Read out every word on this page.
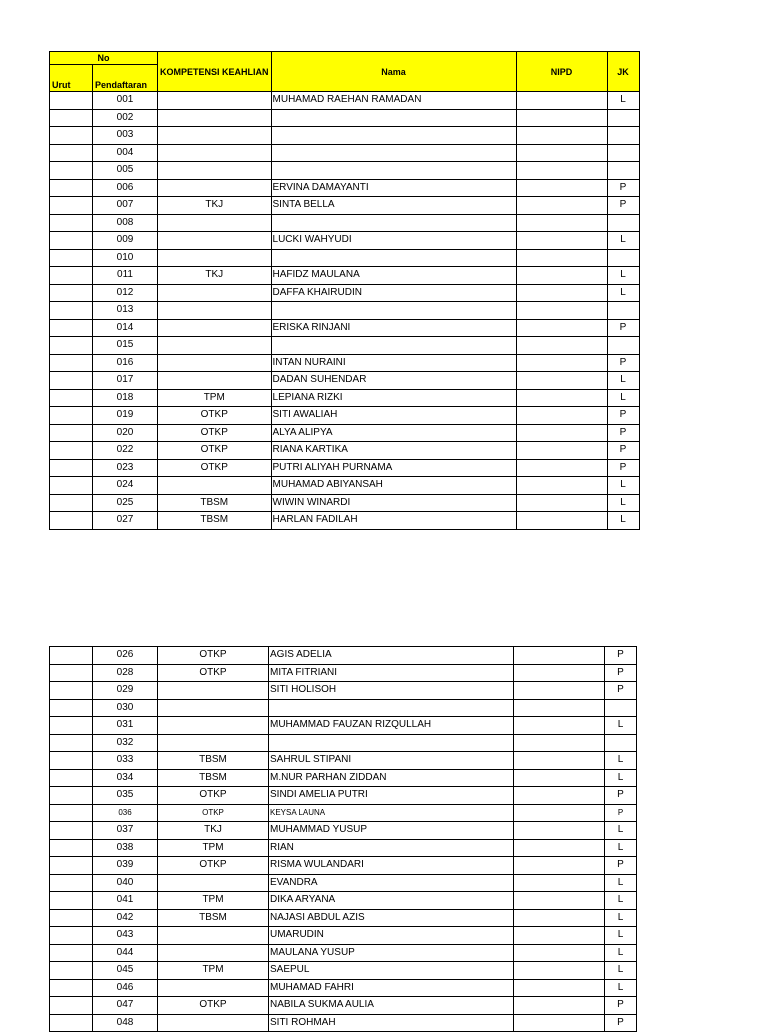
No		KOMPETENSI KEAHLIAN	Nama	NIPD	JK
Urut	Pendaftaran				
	001		MUHAMAD RAEHAN RAMADAN		L
	002				
	003				
	004				
	005				
	006		ERVINA DAMAYANTI		P
	007	TKJ	SINTA BELLA		P
	008				
	009		LUCKI WAHYUDI		L
	010				
	011	TKJ	HAFIDZ MAULANA		L
	012		DAFFA KHAIRUDIN		L
	013				
	014		ERISKA RINJANI		P
	015				
	016		INTAN NURAINI		P
	017		DADAN SUHENDAR		L
	018	TPM	LEPIANA RIZKI		L
	019	OTKP	SITI AWALIAH		P
	020	OTKP	ALYA ALIPYA		P
	022	OTKP	RIANA KARTIKA		P
	023	OTKP	PUTRI ALIYAH PURNAMA		P
	024		MUHAMAD ABIYANSAH		L
	025	TBSM	WIWIN WINARDI		L
	027	TBSM	HARLAN FADILAH		L
	026	OTKP	AGIS ADELIA		P
	028	OTKP	MITA FITRIANI		P
	029		SITI HOLISOH		P
	030				
	031		MUHAMMAD FAUZAN RIZQULLAH		L
	032				
	033	TBSM	SAHRUL STIPANI		L
	034	TBSM	M.NUR PARHAN ZIDDAN		L
	035	OTKP	SINDI AMELIA PUTRI		P
	036	OTKP	KEYSA LAUNA		P
	037	TKJ	MUHAMMAD YUSUP		L
	038	TPM	RIAN		L
	039	OTKP	RISMA WULANDARI		P
	040		EVANDRA		L
	041	TPM	DIKA ARYANA		L
	042	TBSM	NAJASI ABDUL AZIS		L
	043		UMARUDIN		L
	044		MAULANA YUSUP		L
	045	TPM	SAEPUL		L
	046		MUHAMAD FAHRI		L
	047	OTKP	NABILA SUKMA AULIA		P
	048		SITI ROHMAH		P
